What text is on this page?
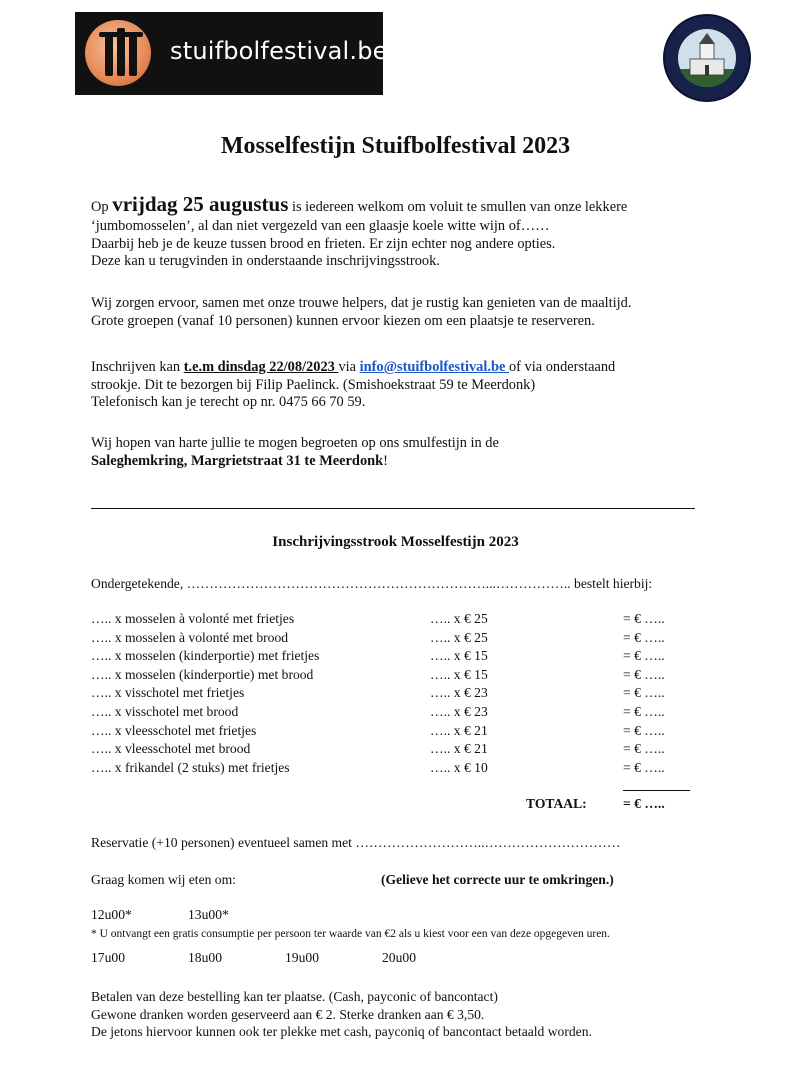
stuifbolfestival.be
Mosselfestijn Stuifbolfestival 2023
Op vrijdag 25 augustus is iedereen welkom om voluit te smullen van onze lekkere
‘jumbomosselen’, al dan niet vergezeld van een glaasje koele witte wijn of……
Daarbij heb je de keuze tussen brood en frieten. Er zijn echter nog andere opties.
Deze kan u terugvinden in onderstaande inschrijvingsstrook.
Wij zorgen ervoor, samen met onze trouwe helpers, dat je rustig kan genieten van de maaltijd.
Grote groepen (vanaf 10 personen) kunnen ervoor kiezen om een plaatsje te reserveren.
Inschrijven kan t.e.m dinsdag 22/08/2023 via info@stuifbolfestival.be of via onderstaand
strookje. Dit te bezorgen bij Filip Paelinck. (Smishoekstraat 59 te Meerdonk)
Telefonisch kan je terecht op nr. 0475 66 70 59.
Wij hopen van harte jullie te mogen begroeten op ons smulfestijn in de
Saleghemkring, Margrietstraat 31 te Meerdonk!
Inschrijvingsstrook Mosselfestijn 2023
Ondergetekende, …………………………………………………………...…………….. bestelt hierbij:
….. x mosselen à volonté met frietjes	….. x € 25	= € …..
….. x mosselen à volonté met brood	….. x € 25	= € …..
….. x mosselen (kinderportie) met frietjes	….. x € 15	= € …..
….. x mosselen (kinderportie) met brood	….. x € 15	= € …..
….. x visschotel met frietjes	….. x € 23	= € …..
….. x visschotel met brood	….. x € 23	= € …..
….. x vleesschotel met frietjes	….. x € 21	= € …..
….. x vleesschotel met brood	….. x € 21	= € …..
….. x frikandel (2 stuks) met frietjes	….. x € 10	= € …..
TOTAAL:	= € …..
Reservatie (+10 personen) eventueel samen met ………………………..…………………………
Graag komen wij eten om:	(Gelieve het correcte uur te omkringen.)
12u00*	13u00*
* U ontvangt een gratis consumptie per persoon ter waarde van €2 als u kiest voor een van deze opgegeven uren.
17u00	18u00	19u00	20u00
Betalen van deze bestelling kan ter plaatse. (Cash, payconic of bancontact)
Gewone dranken worden geserveerd aan € 2. Sterke dranken aan € 3,50.
De jetons hiervoor kunnen ook ter plekke met cash, payconiq of bancontact betaald worden.
